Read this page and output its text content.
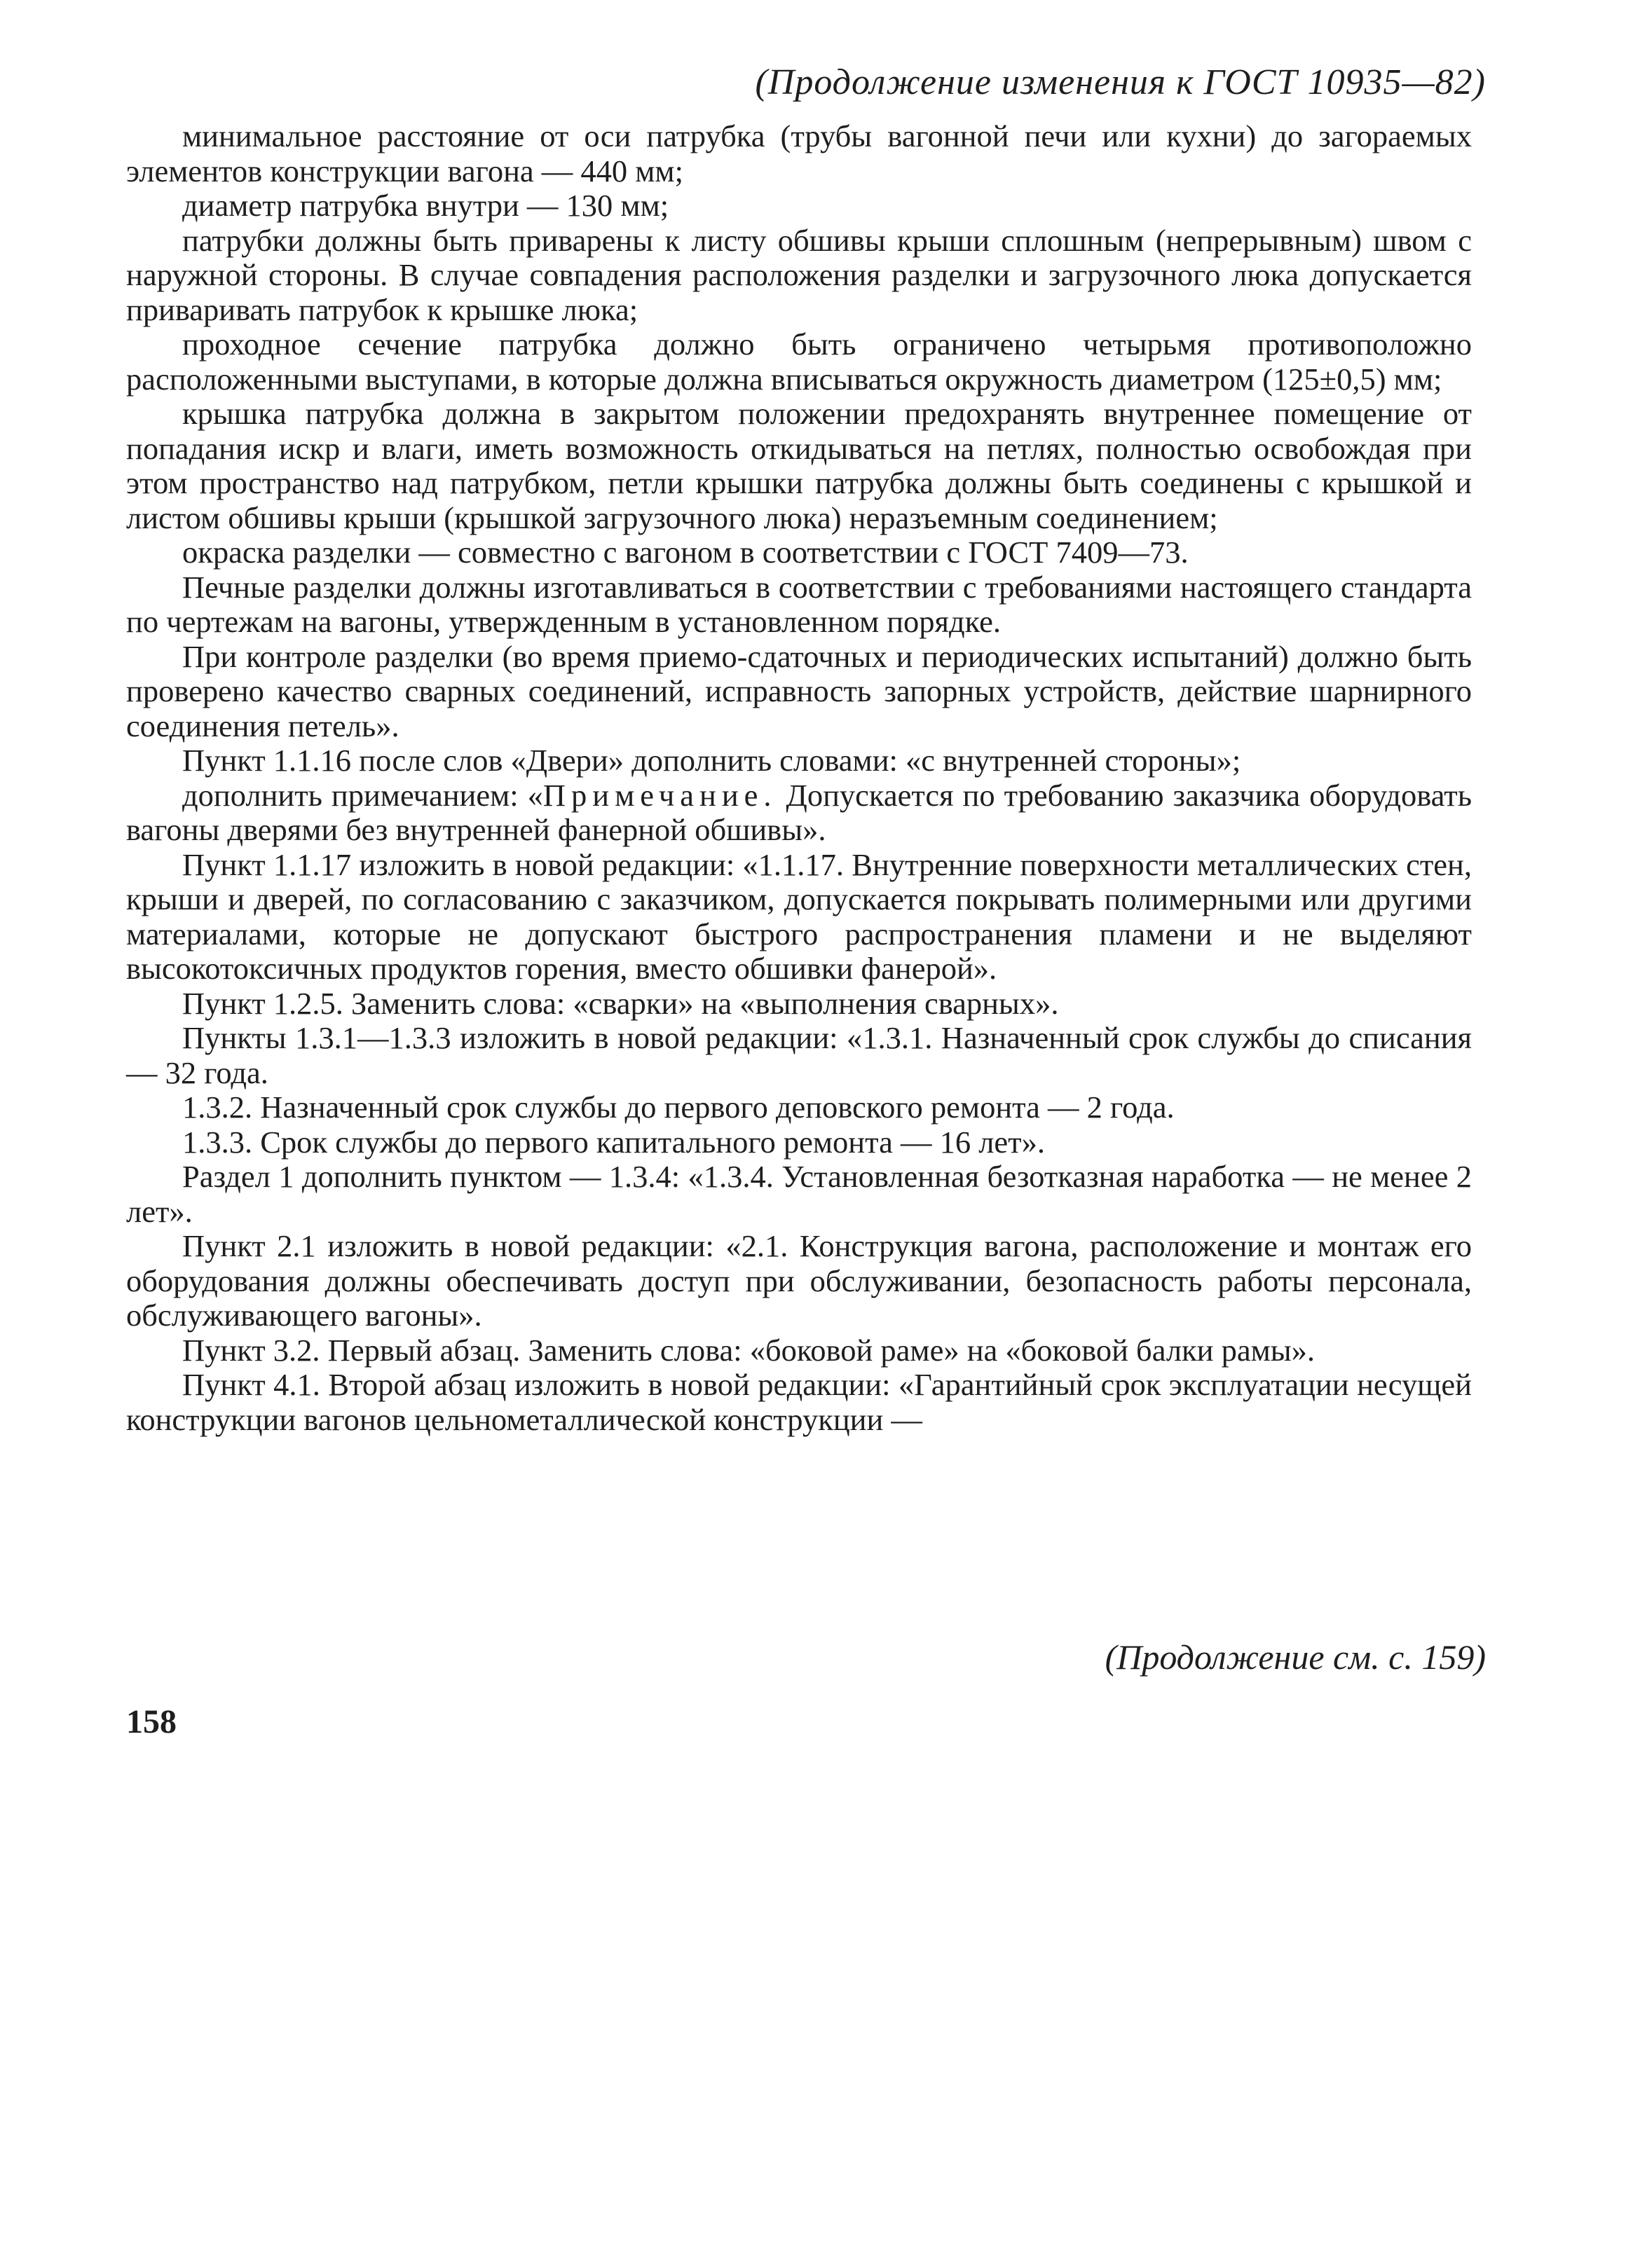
(Продолжение изменения к ГОСТ 10935—82)

минимальное расстояние от оси патрубка (трубы вагонной печи или кухни) до загораемых элементов конструкции вагона — 440 мм;

диаметр патрубка внутри — 130 мм;

патрубки должны быть приварены к листу обшивы крыши сплошным (непрерывным) швом с наружной стороны. В случае совпадения расположения разделки и загрузочного люка допускается приваривать патрубок к крышке люка;

проходное сечение патрубка должно быть ограничено четырьмя противоположно расположенными выступами, в которые должна вписываться окружность диаметром (125±0,5) мм;

крышка патрубка должна в закрытом положении предохранять внутреннее помещение от попадания искр и влаги, иметь возможность откидываться на петлях, полностью освобождая при этом пространство над патрубком, петли крышки патрубка должны быть соединены с крышкой и листом обшивы крыши (крышкой загрузочного люка) неразъемным соединением;

окраска разделки — совместно с вагоном в соответствии с ГОСТ 7409—73.

Печные разделки должны изготавливаться в соответствии с требованиями настоящего стандарта по чертежам на вагоны, утвержденным в установленном порядке.

При контроле разделки (во время приемо-сдаточных и периодических испытаний) должно быть проверено качество сварных соединений, исправность запорных устройств, действие шарнирного соединения петель».

Пункт 1.1.16 после слов «Двери» дополнить словами: «с внутренней стороны»;

дополнить примечанием: «Примечание. Допускается по требованию заказчика оборудовать вагоны дверями без внутренней фанерной обшивы».

Пункт 1.1.17 изложить в новой редакции: «1.1.17. Внутренние поверхности металлических стен, крыши и дверей, по согласованию с заказчиком, допускается покрывать полимерными или другими материалами, которые не допускают быстрого распространения пламени и не выделяют высокотоксичных продуктов горения, вместо обшивки фанерой».

Пункт 1.2.5. Заменить слова: «сварки» на «выполнения сварных».

Пункты 1.3.1—1.3.3 изложить в новой редакции: «1.3.1. Назначенный срок службы до списания — 32 года.

1.3.2. Назначенный срок службы до первого деповского ремонта — 2 года.

1.3.3. Срок службы до первого капитального ремонта — 16 лет».

Раздел 1 дополнить пунктом — 1.3.4: «1.3.4. Установленная безотказная наработка — не менее 2 лет».

Пункт 2.1 изложить в новой редакции: «2.1. Конструкция вагона, расположение и монтаж его оборудования должны обеспечивать доступ при обслуживании, безопасность работы персонала, обслуживающего вагоны».

Пункт 3.2. Первый абзац. Заменить слова: «боковой раме» на «боковой балки рамы».

Пункт 4.1. Второй абзац изложить в новой редакции: «Гарантийный срок эксплуатации несущей конструкции вагонов цельнометаллической конструкции —

(Продолжение см. с. 159)
158
